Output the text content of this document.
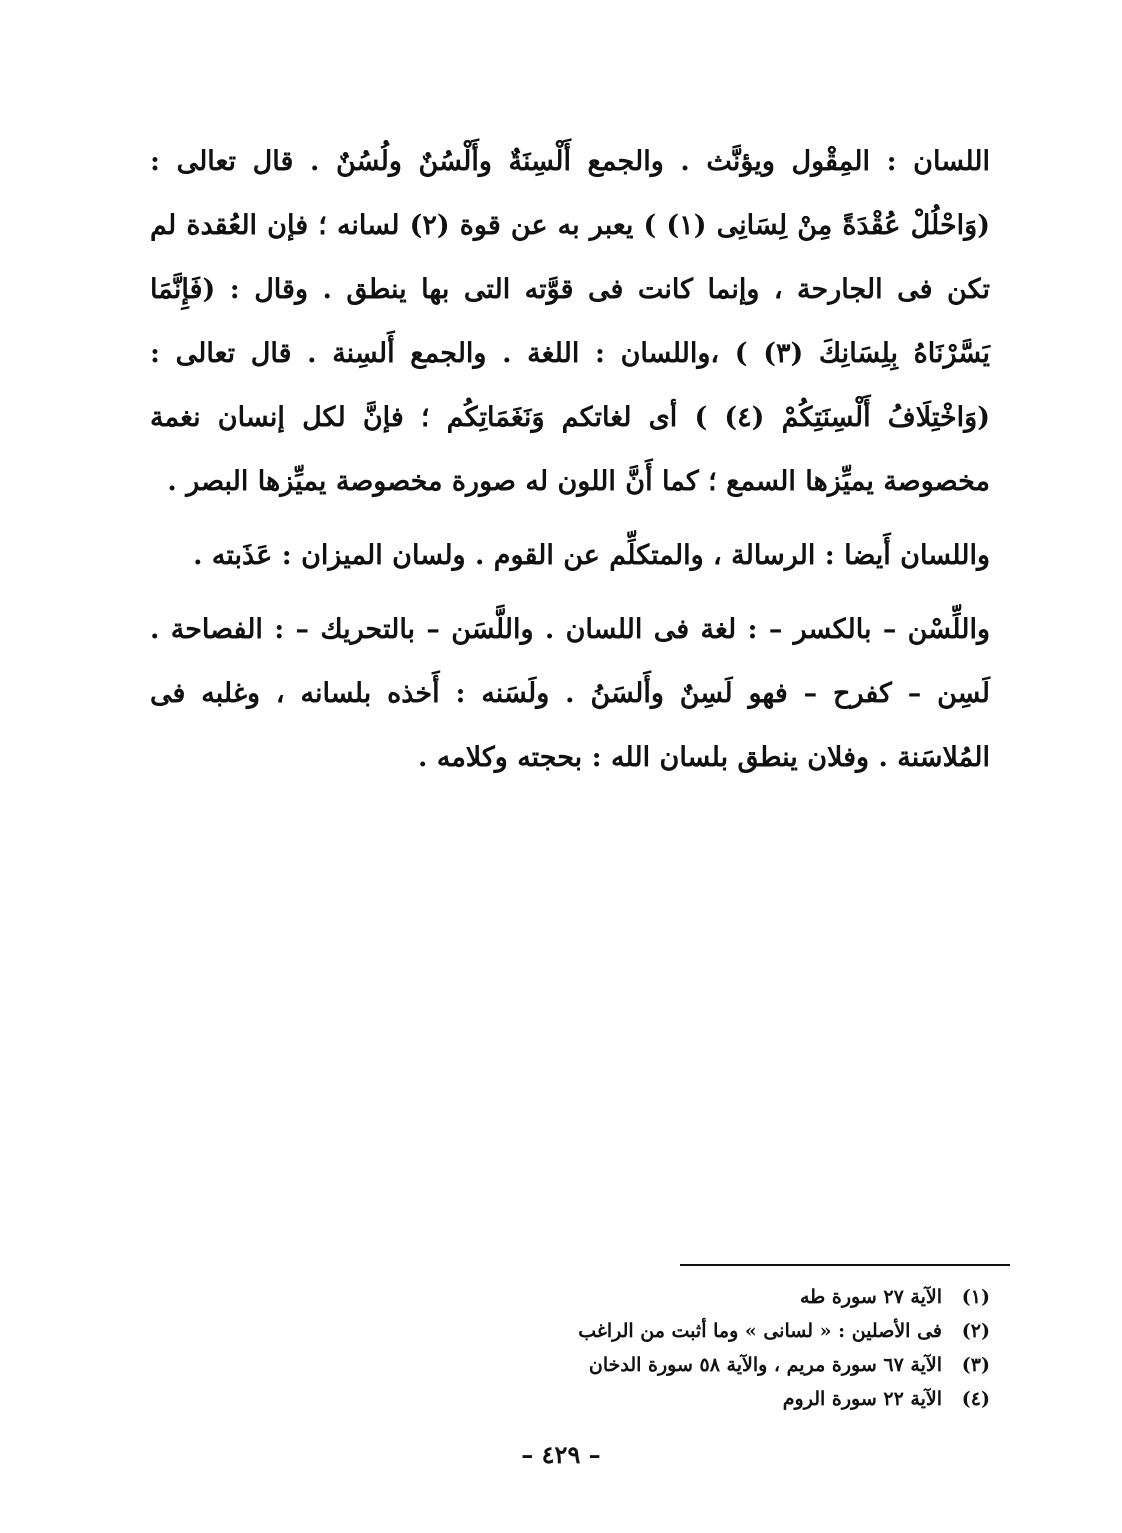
اللسان : المِقْول ويؤنَّث . والجمع أَلْسِنَةٌ وأَلْسُنٌ ولُسُنٌ . قال تعالى : (وَاحْلُلْ عُقْدَةً مِنْ لِسَانِى (١) ) يعبر به عن قوة (٢) لسانه ؛ فإن العُقدة لم تكن فى الجارحة ، وإنما كانت فى قوَّته التى بها ينطق . وقال : (فَإِنَّمَا يَسَّرْنَاهُ بِلِسَانِكَ (٣) ) ،واللسان : اللغة . والجمع أَلسِنة . قال تعالى : (وَاخْتِلَافُ أَلْسِنَتِكُمْ (٤) ) أى لغاتكم وَنَغَمَاتِكُم ؛ فإنَّ لكل إنسان نغمة مخصوصة يميِّزها السمع ؛ كما أَنَّ اللون له صورة مخصوصة يميِّزها البصر .

واللسان أَيضا : الرسالة ، والمتكلِّم عن القوم . ولسان الميزان : عَذَبته .

واللِّسْن – بالكسر – : لغة فى اللسان . واللَّسَن – بالتحريك – : الفصاحة . لَسِن – كفرح – فهو لَسِنٌ وأَلسَنُ . ولَسَنه : أَخذه بلسانه ، وغلبه فى المُلاسَنة . وفلان ينطق بلسان الله : بحجته وكلامه .

(١)
الآية ٢٧ سورة طه
(٢)
فى الأصلين : « لسانى » وما أثبت من الراغب
(٣)
الآية ٦٧ سورة مريم ، والآية ٥٨ سورة الدخان
(٤)
الآية ٢٢ سورة الروم
– ٤٢٩ –
